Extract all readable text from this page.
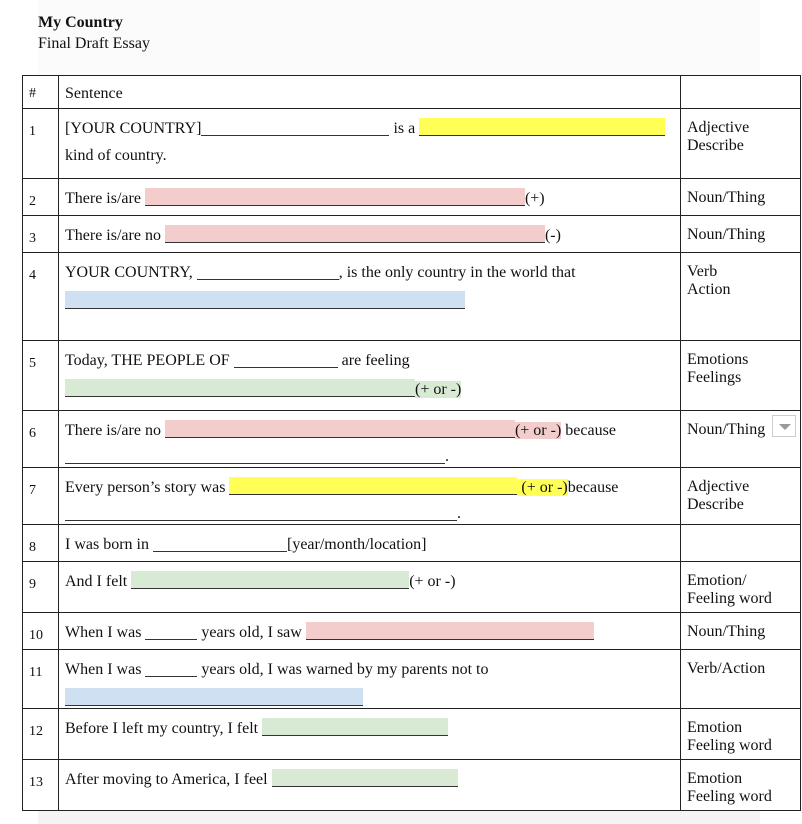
My Country
Final Draft Essay
#	Sentence	
1	[YOUR COUNTRY] is a
kind of country.	Adjective
Describe
2	There is/are (+)	Noun/Thing
3	There is/are no (-)	Noun/Thing
4	YOUR COUNTRY, , is the only country in the world that	Verb
Action
5	Today, THE PEOPLE OF are feeling
(+ or -)	Emotions
Feelings
6	There is/are no (+ or -) because
.	Noun/Thing

7	Every person’s story was (+ or -)because
.	Adjective
Describe
8	I was born in [year/month/location]	
9	And I felt (+ or -)	Emotion/
Feeling word
10	When I was years old, I saw	Noun/Thing
11	When I was years old, I was warned by my parents not to	Verb/Action
12	Before I left my country, I felt	Emotion
Feeling word
13	After moving to America, I feel	Emotion
Feeling word
